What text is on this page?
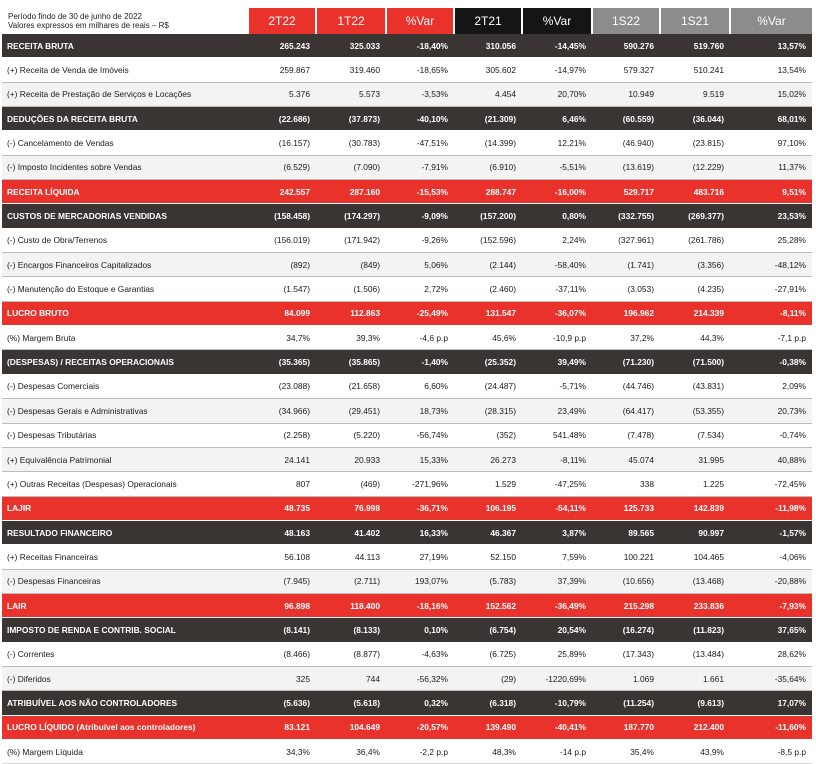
Período findo de 30 de junho de 2022
Valores expressos em milhares de reais – R$
		2T22	1T22	%Var	2T21	%Var	1S22	1S21	%Var
RECEITA BRUTA	265.243	325.033	-18,40%	310.056	-14,45%	590.276	519.760	13,57%
(+) Receita de Venda de Imóveis	259.867	319.460	-18,65%	305.602	-14,97%	579.327	510.241	13,54%
(+) Receita de Prestação de Serviços e Locações	5.376	5.573	-3,53%	4.454	20,70%	10.949	9.519	15,02%
DEDUÇÕES DA RECEITA BRUTA	(22.686)	(37.873)	-40,10%	(21.309)	6,46%	(60.559)	(36.044)	68,01%
(-) Cancelamento de Vendas	(16.157)	(30.783)	-47,51%	(14.399)	12,21%	(46.940)	(23.815)	97,10%
(-) Imposto Incidentes sobre Vendas	(6.529)	(7.090)	-7,91%	(6.910)	-5,51%	(13.619)	(12.229)	11,37%
RECEITA LÍQUIDA	242.557	287.160	-15,53%	288.747	-16,00%	529.717	483.716	9,51%
CUSTOS DE MERCADORIAS VENDIDAS	(158.458)	(174.297)	-9,09%	(157.200)	0,80%	(332.755)	(269.377)	23,53%
(-) Custo de Obra/Terrenos	(156.019)	(171.942)	-9,26%	(152.596)	2,24%	(327.961)	(261.786)	25,28%
(-) Encargos Financeiros Capitalizados	(892)	(849)	5,06%	(2.144)	-58,40%	(1.741)	(3.356)	-48,12%
(-) Manutenção do Estoque e Garantias	(1.547)	(1.506)	2,72%	(2.460)	-37,11%	(3.053)	(4.235)	-27,91%
LUCRO BRUTO	84.099	112.863	-25,49%	131.547	-36,07%	196.962	214.339	-8,11%
(%) Margem Bruta	34,7%	39,3%	-4,6 p.p	45,6%	-10,9 p.p	37,2%	44,3%	-7,1 p.p
(DESPESAS) / RECEITAS OPERACIONAIS	(35.365)	(35.865)	-1,40%	(25.352)	39,49%	(71.230)	(71.500)	-0,38%
(-) Despesas Comerciais	(23.088)	(21.658)	6,60%	(24.487)	-5,71%	(44.746)	(43.831)	2,09%
(-) Despesas Gerais e Administrativas	(34.966)	(29.451)	18,73%	(28.315)	23,49%	(64.417)	(53.355)	20,73%
(-) Despesas Tributárias	(2.258)	(5.220)	-56,74%	(352)	541,48%	(7.478)	(7.534)	-0,74%
(+) Equivalência Patrimonial	24.141	20.933	15,33%	26.273	-8,11%	45.074	31.995	40,88%
(+) Outras Receitas (Despesas) Operacionais	807	(469)	-271,96%	1.529	-47,25%	338	1.225	-72,45%
LAJIR	48.735	76.998	-36,71%	106.195	-54,11%	125.733	142.839	-11,98%
RESULTADO FINANCEIRO	48.163	41.402	16,33%	46.367	3,87%	89.565	90.997	-1,57%
(+) Receitas Financeiras	56.108	44.113	27,19%	52.150	7,59%	100.221	104.465	-4,06%
(-) Despesas Financeiras	(7.945)	(2.711)	193,07%	(5.783)	37,39%	(10.656)	(13.468)	-20,88%
LAIR	96.898	118.400	-18,16%	152.562	-36,49%	215.298	233.836	-7,93%
IMPOSTO DE RENDA E CONTRIB. SOCIAL	(8.141)	(8.133)	0,10%	(6.754)	20,54%	(16.274)	(11.823)	37,65%
(-) Correntes	(8.466)	(8.877)	-4,63%	(6.725)	25,89%	(17.343)	(13.484)	28,62%
(-) Diferidos	325	744	-56,32%	(29)	-1220,69%	1.069	1.661	-35,64%
ATRIBUÍVEL AOS NÃO CONTROLADORES	(5.636)	(5.618)	0,32%	(6.318)	-10,79%	(11.254)	(9.613)	17,07%
LUCRO LÍQUIDO (Atribuível aos controladores)	83.121	104.649	-20,57%	139.490	-40,41%	187.770	212.400	-11,60%
(%) Margem Líquida	34,3%	36,4%	-2,2 p.p	48,3%	-14 p.p	35,4%	43,9%	-8,5 p.p
